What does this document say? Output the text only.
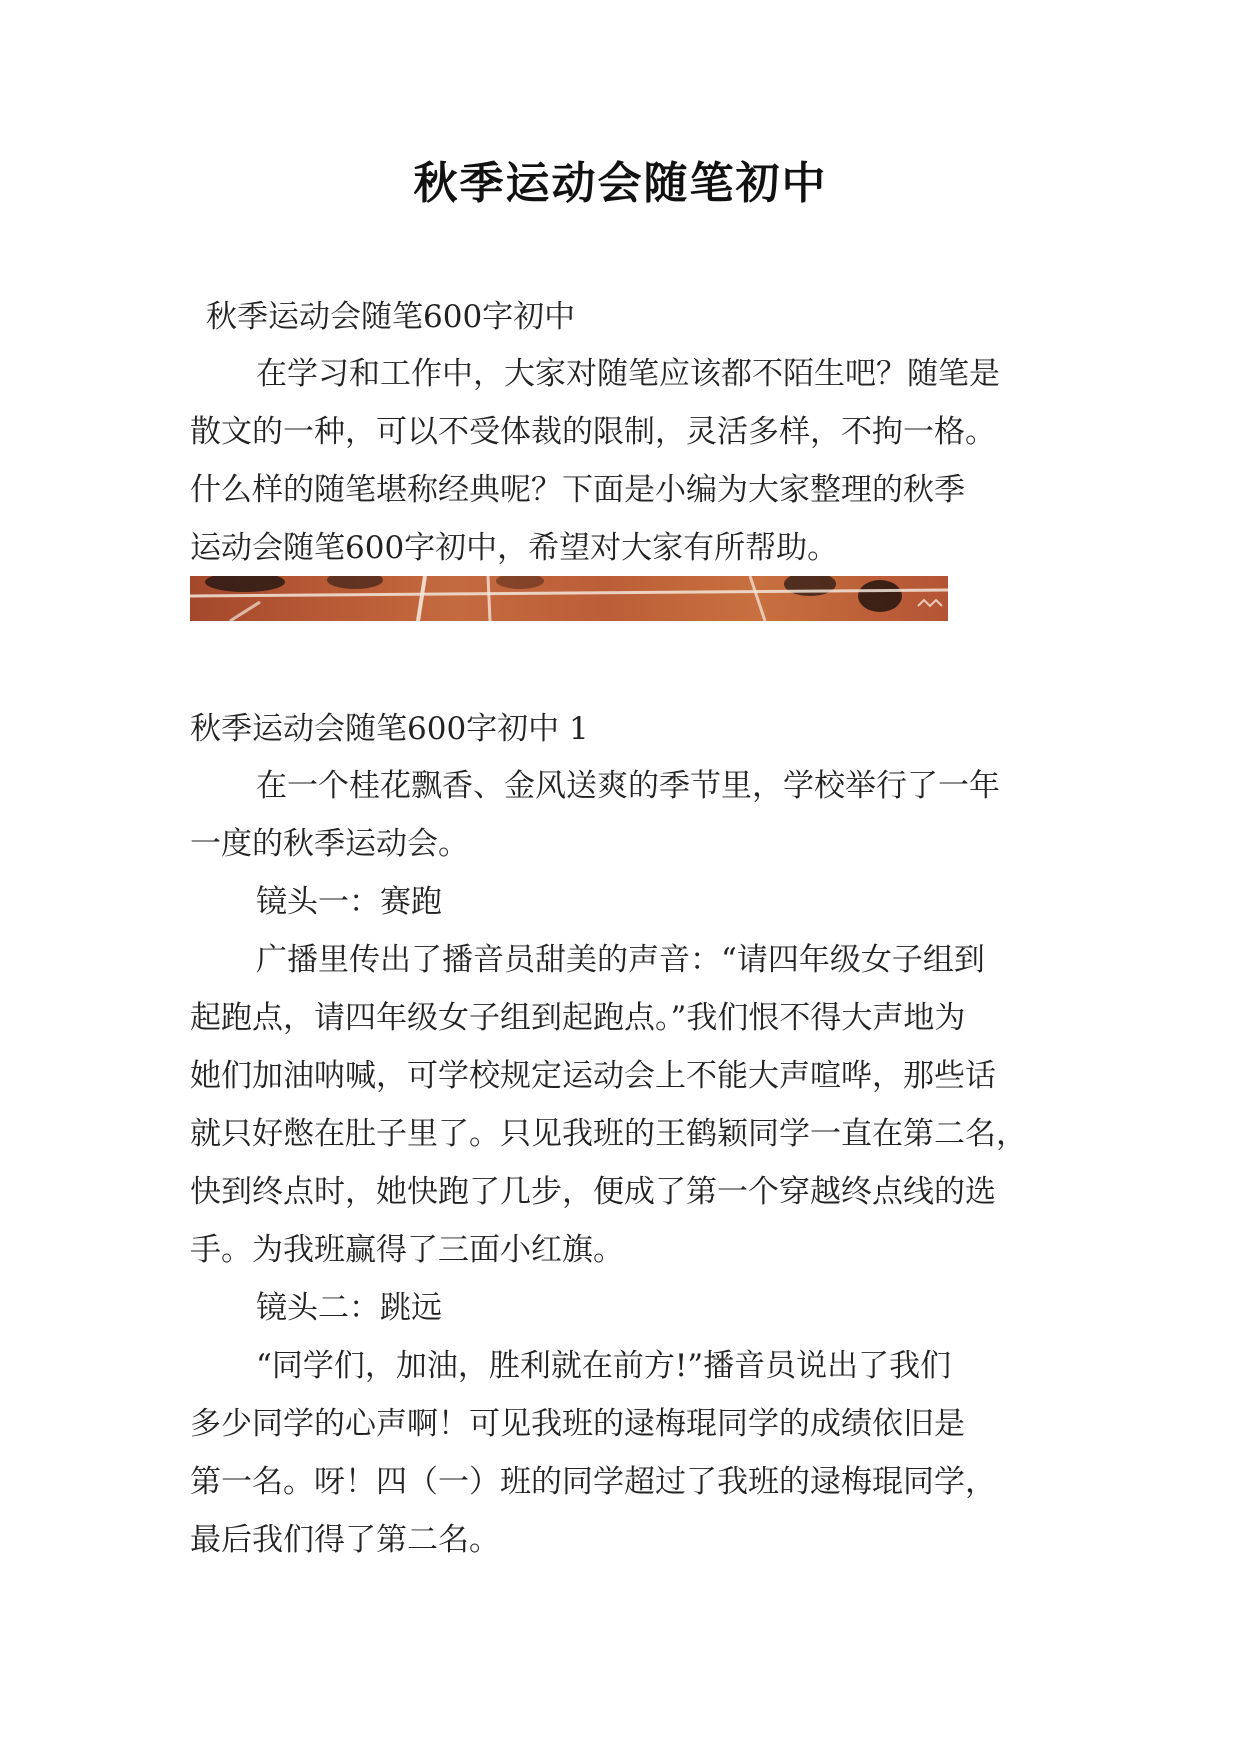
秋季运动会随笔初中
秋季运动会随笔600字初中
在学习和工作中，大家对随笔应该都不陌生吧？随笔是
散文的一种，可以不受体裁的限制，灵活多样，不拘一格。
什么样的随笔堪称经典呢？下面是小编为大家整理的秋季
运动会随笔600字初中，希望对大家有所帮助。
秋季运动会随笔600字初中 1
在一个桂花飘香、金风送爽的季节里，学校举行了一年
一度的秋季运动会。
镜头一：赛跑
广播里传出了播音员甜美的声音：“请四年级女子组到
起跑点，请四年级女子组到起跑点。”我们恨不得大声地为
她们加油呐喊，可学校规定运动会上不能大声喧哗，那些话
就只好憋在肚子里了。只见我班的王鹤颖同学一直在第二名，
快到终点时，她快跑了几步，便成了第一个穿越终点线的选
手。为我班赢得了三面小红旗。
镜头二：跳远
“同学们，加油，胜利就在前方!”播音员说出了我们
多少同学的心声啊！可见我班的逯梅琨同学的成绩依旧是
第一名。呀！四（一）班的同学超过了我班的逯梅琨同学，
最后我们得了第二名。
